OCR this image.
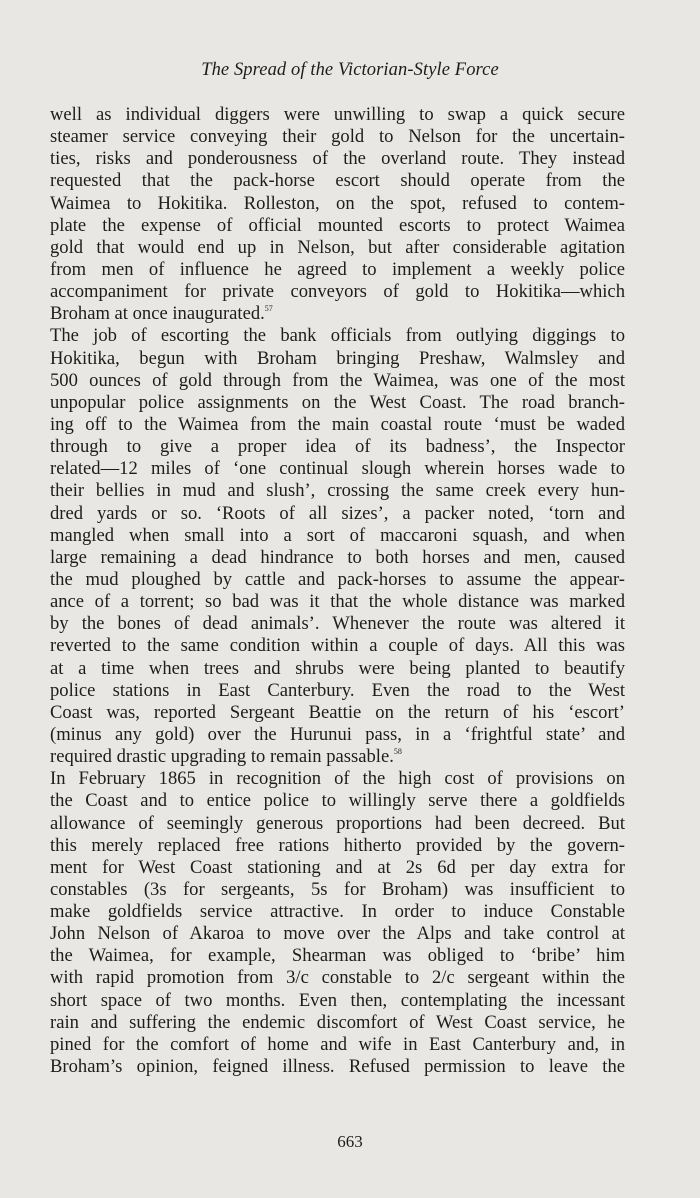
The Spread of the Victorian-Style Force
well as individual diggers were unwilling to swap a quick secure
steamer service conveying their gold to Nelson for the uncertain-
ties, risks and ponderousness of the overland route. They instead
requested that the pack-horse escort should operate from the
Waimea to Hokitika. Rolleston, on the spot, refused to contem-
plate the expense of official mounted escorts to protect Waimea
gold that would end up in Nelson, but after considerable agitation
from men of influence he agreed to implement a weekly police
accompaniment for private conveyors of gold to Hokitika—which
Broham at once inaugurated.$^{57}$
The job of escorting the bank officials from outlying diggings to
Hokitika, begun with Broham bringing Preshaw, Walmsley and
500 ounces of gold through from the Waimea, was one of the most
unpopular police assignments on the West Coast. The road branch-
ing off to the Waimea from the main coastal route ‘must be waded
through to give a proper idea of its badness’, the Inspector
related—12 miles of ‘one continual slough wherein horses wade to
their bellies in mud and slush’, crossing the same creek every hun-
dred yards or so. ‘Roots of all sizes’, a packer noted, ‘torn and
mangled when small into a sort of maccaroni squash, and when
large remaining a dead hindrance to both horses and men, caused
the mud ploughed by cattle and pack-horses to assume the appear-
ance of a torrent; so bad was it that the whole distance was marked
by the bones of dead animals’. Whenever the route was altered it
reverted to the same condition within a couple of days. All this was
at a time when trees and shrubs were being planted to beautify
police stations in East Canterbury. Even the road to the West
Coast was, reported Sergeant Beattie on the return of his ‘escort’
(minus any gold) over the Hurunui pass, in a ‘frightful state’ and
required drastic upgrading to remain passable.$^{58}$
In February 1865 in recognition of the high cost of provisions on
the Coast and to entice police to willingly serve there a goldfields
allowance of seemingly generous proportions had been decreed. But
this merely replaced free rations hitherto provided by the govern-
ment for West Coast stationing and at 2s 6d per day extra for
constables (3s for sergeants, 5s for Broham) was insufficient to
make goldfields service attractive. In order to induce Constable
John Nelson of Akaroa to move over the Alps and take control at
the Waimea, for example, Shearman was obliged to ‘bribe’ him
with rapid promotion from 3/c constable to 2/c sergeant within the
short space of two months. Even then, contemplating the incessant
rain and suffering the endemic discomfort of West Coast service, he
pined for the comfort of home and wife in East Canterbury and, in
Broham’s opinion, feigned illness. Refused permission to leave the
663
